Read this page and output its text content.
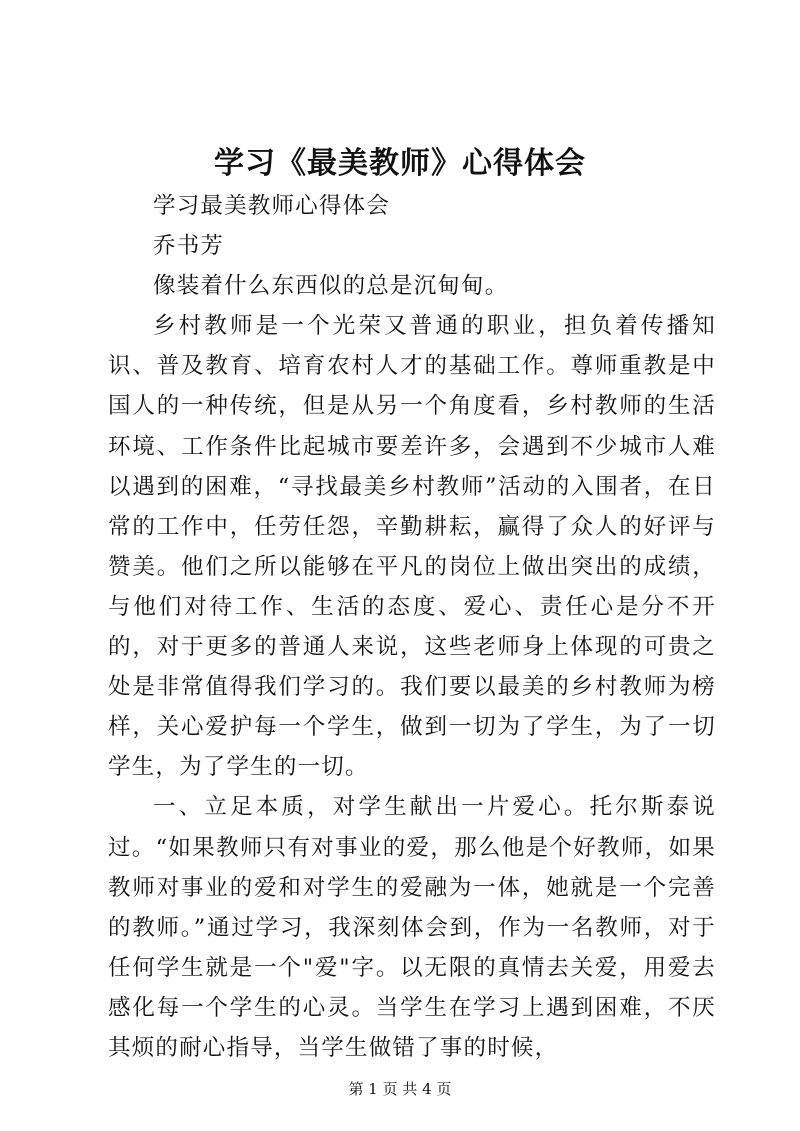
学习《最美教师》心得体会

学习最美教师心得体会

乔书芳

像装着什么东西似的总是沉甸甸。

乡村教师是一个光荣又普通的职业，担负着传播知识、普及教育、培育农村人才的基础工作。尊师重教是中国人的一种传统，但是从另一个角度看，乡村教师的生活环境、工作条件比起城市要差许多，会遇到不少城市人难以遇到的困难，“寻找最美乡村教师”活动的入围者，在日常的工作中，任劳任怨，辛勤耕耘，赢得了众人的好评与赞美。他们之所以能够在平凡的岗位上做出突出的成绩，与他们对待工作、生活的态度、爱心、责任心是分不开的，对于更多的普通人来说，这些老师身上体现的可贵之处是非常值得我们学习的。我们要以最美的乡村教师为榜样，关心爱护每一个学生，做到一切为了学生，为了一切学生，为了学生的一切。

一、立足本质，对学生献出一片爱心。托尔斯泰说过。“如果教师只有对事业的爱，那么他是个好教师，如果教师对事业的爱和对学生的爱融为一体，她就是一个完善的教师。”通过学习，我深刻体会到，作为一名教师，对于任何学生就是一个"爱"字。以无限的真情去关爱，用爱去感化每一个学生的心灵。当学生在学习上遇到困难，不厌其烦的耐心指导，当学生做错了事的时候，

第 1 页 共 4 页
